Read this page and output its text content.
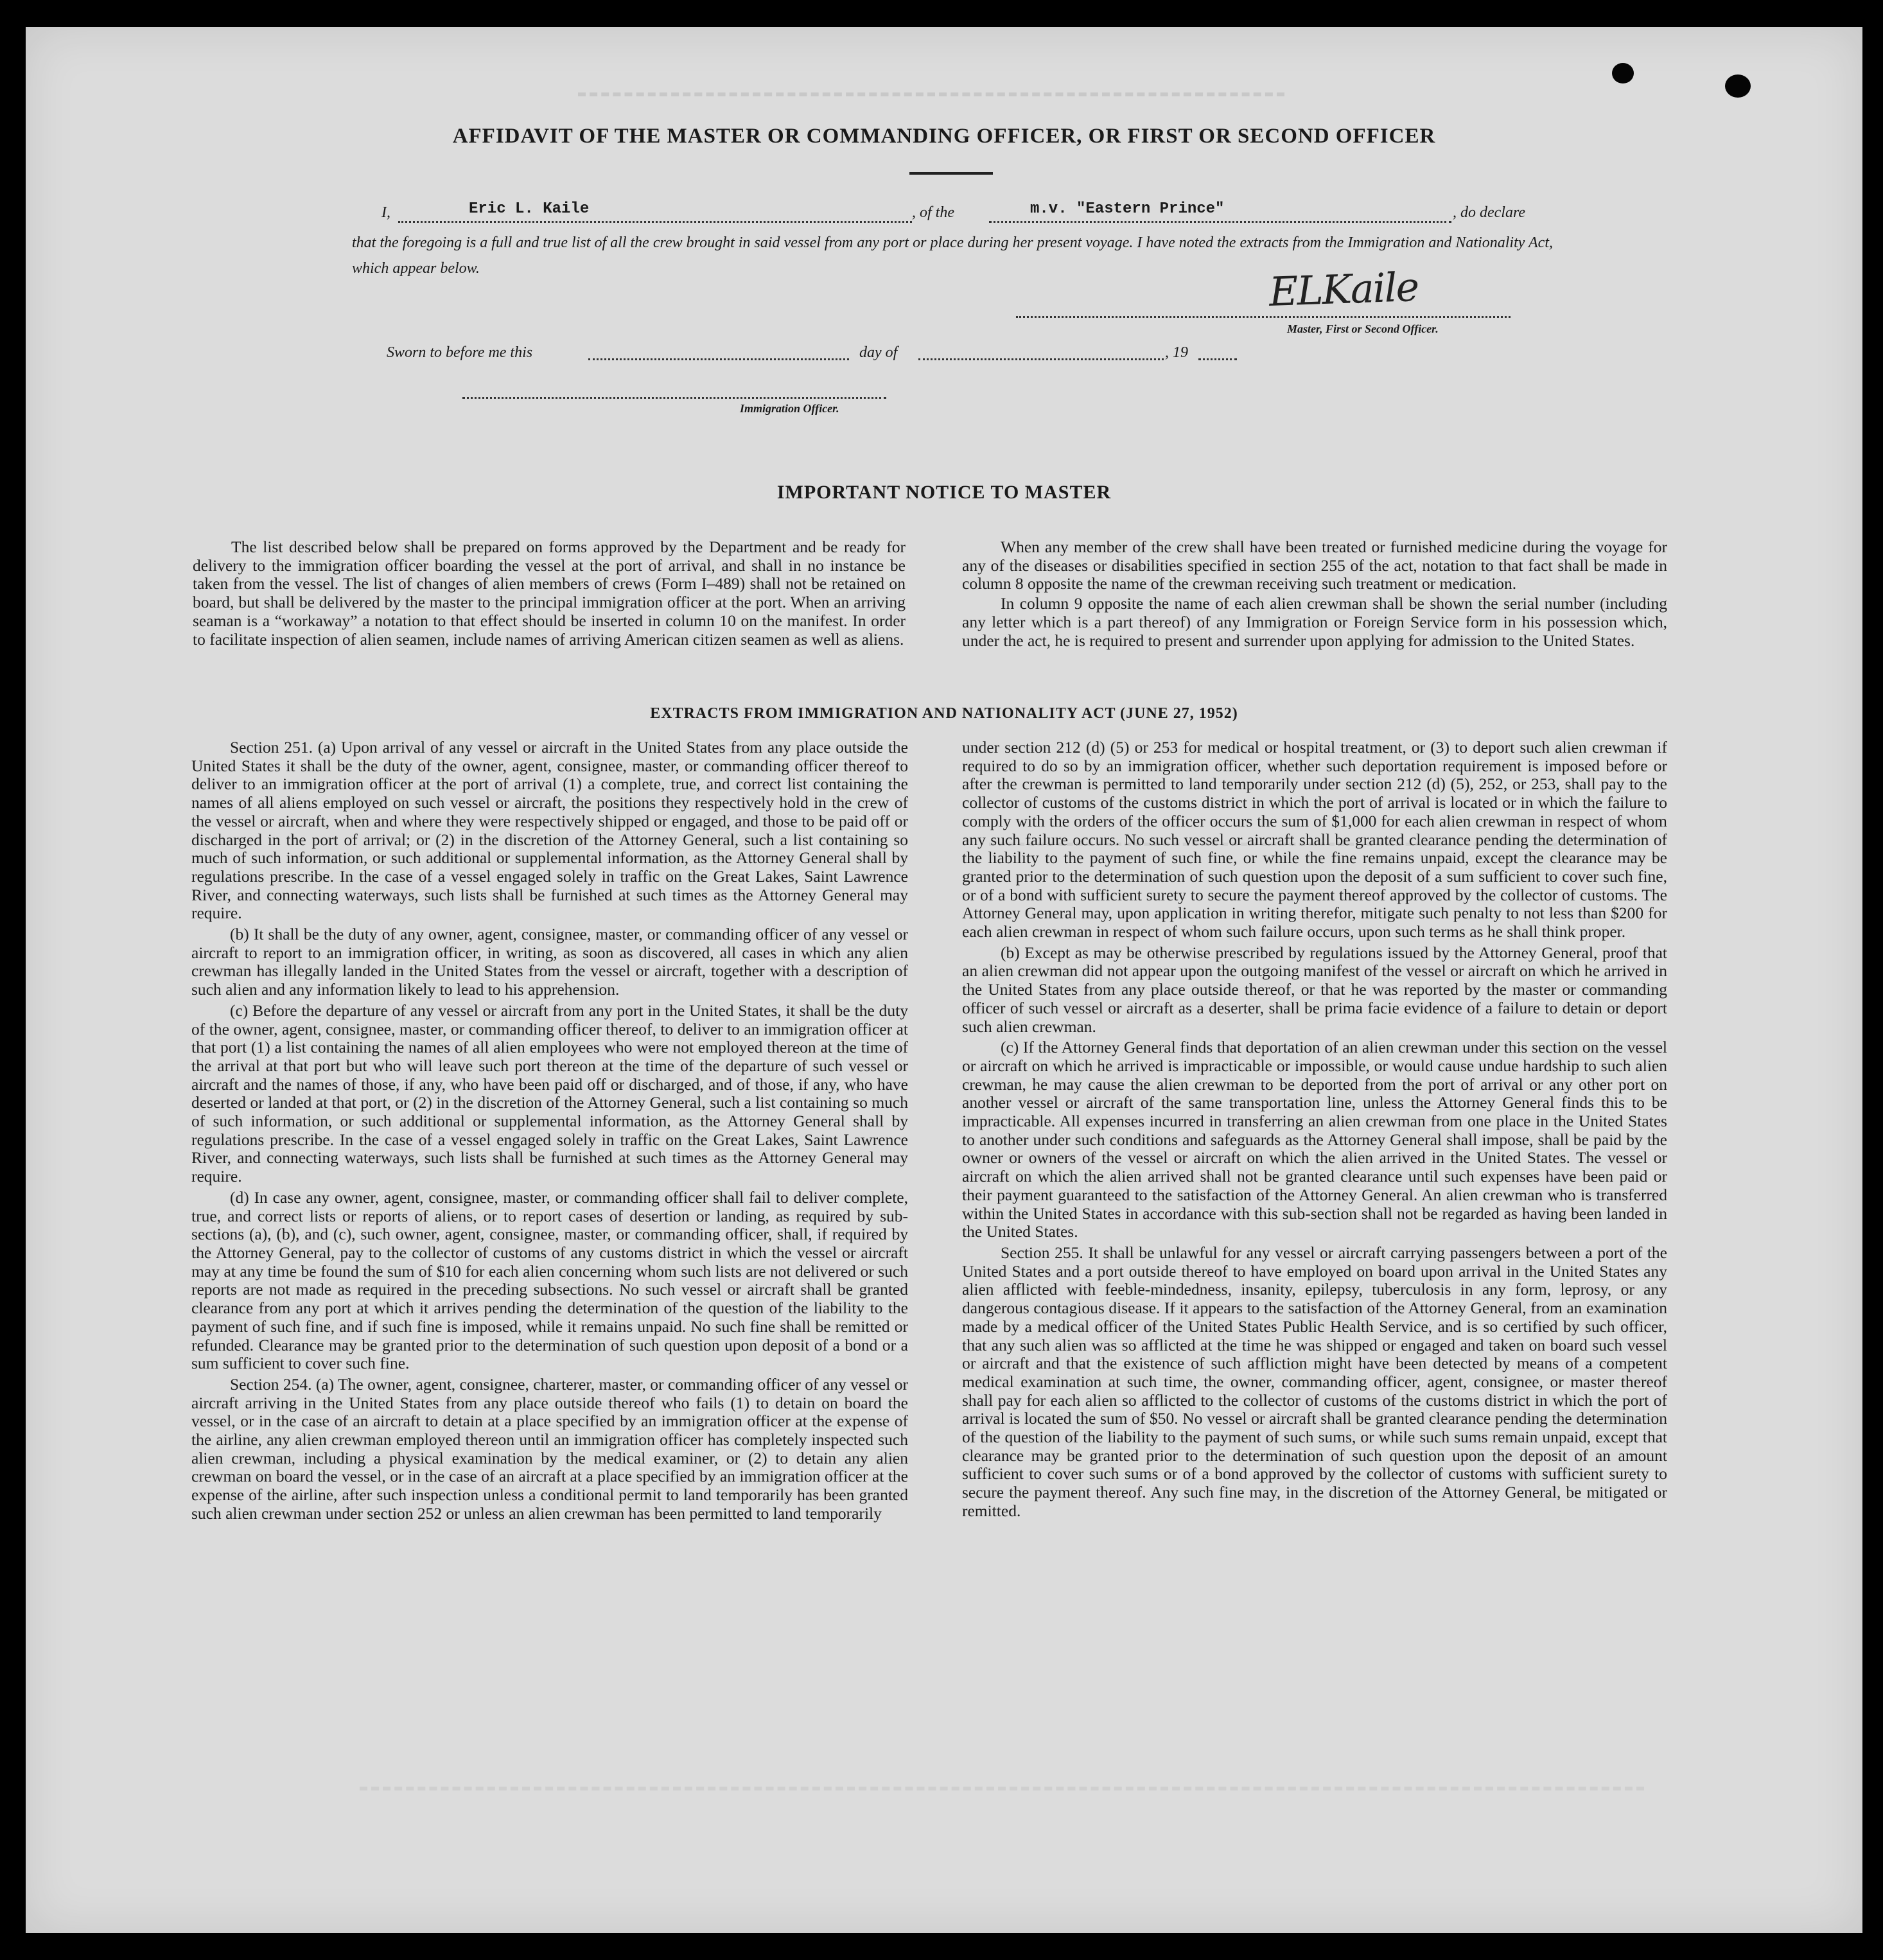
AFFIDAVIT OF THE MASTER OR COMMANDING OFFICER, OR FIRST OR SECOND OFFICER
I,	Eric L. Kaile	, of the	m.v. "Eastern Prince"	, do declare
that the foregoing is a full and true list of all the crew brought in said vessel from any port or place during her present voyage. I have noted the extracts from the Immigration and Nationality Act, which appear below.	ELKaile
Master, First or Second Officer.
Sworn to before me this	day of	, 19
Immigration Officer.
IMPORTANT NOTICE TO MASTER

The list described below shall be prepared on forms approved by the Department and be ready for delivery to the immigration officer boarding the vessel at the port of arrival, and shall in no instance be taken from the vessel. The list of changes of alien members of crews (Form I–489) shall not be retained on board, but shall be delivered by the master to the principal immigration officer at the port. When an arriving seaman is a “workaway” a notation to that effect should be inserted in column 10 on the manifest. In order to facilitate inspection of alien seamen, include names of arriving American citizen seamen as well as aliens.

When any member of the crew shall have been treated or furnished medicine during the voyage for any of the diseases or disabilities specified in section 255 of the act, notation to that fact shall be made in column 8 opposite the name of the crewman receiving such treatment or medication.

In column 9 opposite the name of each alien crewman shall be shown the serial number (including any letter which is a part thereof) of any Immigration or Foreign Service form in his possession which, under the act, he is required to present and surrender upon applying for admission to the United States.

EXTRACTS FROM IMMIGRATION AND NATIONALITY ACT (JUNE 27, 1952)

Section 251. (a) Upon arrival of any vessel or aircraft in the United States from any place outside the United States it shall be the duty of the owner, agent, consignee, master, or commanding officer thereof to deliver to an immigration officer at the port of arrival (1) a complete, true, and correct list containing the names of all aliens employed on such vessel or aircraft, the positions they respectively hold in the crew of the vessel or aircraft, when and where they were respectively shipped or engaged, and those to be paid off or discharged in the port of arrival; or (2) in the discretion of the Attorney General, such a list containing so much of such information, or such additional or supplemental information, as the Attorney General shall by regulations prescribe. In the case of a vessel engaged solely in traffic on the Great Lakes, Saint Lawrence River, and connecting waterways, such lists shall be furnished at such times as the Attorney General may require.

(b) It shall be the duty of any owner, agent, consignee, master, or commanding officer of any vessel or aircraft to report to an immigration officer, in writing, as soon as discovered, all cases in which any alien crewman has illegally landed in the United States from the vessel or aircraft, together with a description of such alien and any information likely to lead to his apprehension.

(c) Before the departure of any vessel or aircraft from any port in the United States, it shall be the duty of the owner, agent, consignee, master, or commanding officer thereof, to deliver to an immigration officer at that port (1) a list containing the names of all alien employees who were not employed thereon at the time of the arrival at that port but who will leave such port thereon at the time of the departure of such vessel or aircraft and the names of those, if any, who have been paid off or discharged, and of those, if any, who have deserted or landed at that port, or (2) in the discretion of the Attorney General, such a list containing so much of such information, or such additional or supplemental information, as the Attorney General shall by regulations prescribe. In the case of a vessel engaged solely in traffic on the Great Lakes, Saint Lawrence River, and connecting waterways, such lists shall be furnished at such times as the Attorney General may require.

(d) In case any owner, agent, consignee, master, or commanding officer shall fail to deliver complete, true, and correct lists or reports of aliens, or to report cases of desertion or landing, as required by sub-sections (a), (b), and (c), such owner, agent, consignee, master, or commanding officer, shall, if required by the Attorney General, pay to the collector of customs of any customs district in which the vessel or aircraft may at any time be found the sum of $10 for each alien concerning whom such lists are not delivered or such reports are not made as required in the preceding subsections. No such vessel or aircraft shall be granted clearance from any port at which it arrives pending the determination of the question of the liability to the payment of such fine, and if such fine is imposed, while it remains unpaid. No such fine shall be remitted or refunded. Clearance may be granted prior to the determination of such question upon deposit of a bond or a sum sufficient to cover such fine.

Section 254. (a) The owner, agent, consignee, charterer, master, or commanding officer of any vessel or aircraft arriving in the United States from any place outside thereof who fails (1) to detain on board the vessel, or in the case of an aircraft to detain at a place specified by an immigration officer at the expense of the airline, any alien crewman employed thereon until an immigration officer has completely inspected such alien crewman, including a physical examination by the medical examiner, or (2) to detain any alien crewman on board the vessel, or in the case of an aircraft at a place specified by an immigration officer at the expense of the airline, after such inspection unless a conditional permit to land temporarily has been granted such alien crewman under section 252 or unless an alien crewman has been permitted to land temporarily

under section 212 (d) (5) or 253 for medical or hospital treatment, or (3) to deport such alien crewman if required to do so by an immigration officer, whether such deportation requirement is imposed before or after the crewman is permitted to land temporarily under section 212 (d) (5), 252, or 253, shall pay to the collector of customs of the customs district in which the port of arrival is located or in which the failure to comply with the orders of the officer occurs the sum of $1,000 for each alien crewman in respect of whom any such failure occurs. No such vessel or aircraft shall be granted clearance pending the determination of the liability to the payment of such fine, or while the fine remains unpaid, except the clearance may be granted prior to the determination of such question upon the deposit of a sum sufficient to cover such fine, or of a bond with sufficient surety to secure the payment thereof approved by the collector of customs. The Attorney General may, upon application in writing therefor, mitigate such penalty to not less than $200 for each alien crewman in respect of whom such failure occurs, upon such terms as he shall think proper.

(b) Except as may be otherwise prescribed by regulations issued by the Attorney General, proof that an alien crewman did not appear upon the outgoing manifest of the vessel or aircraft on which he arrived in the United States from any place outside thereof, or that he was reported by the master or commanding officer of such vessel or aircraft as a deserter, shall be prima facie evidence of a failure to detain or deport such alien crewman.

(c) If the Attorney General finds that deportation of an alien crewman under this section on the vessel or aircraft on which he arrived is impracticable or impossible, or would cause undue hardship to such alien crewman, he may cause the alien crewman to be deported from the port of arrival or any other port on another vessel or aircraft of the same transportation line, unless the Attorney General finds this to be impracticable. All expenses incurred in transferring an alien crewman from one place in the United States to another under such conditions and safeguards as the Attorney General shall impose, shall be paid by the owner or owners of the vessel or aircraft on which the alien arrived in the United States. The vessel or aircraft on which the alien arrived shall not be granted clearance until such expenses have been paid or their payment guaranteed to the satisfaction of the Attorney General. An alien crewman who is transferred within the United States in accordance with this sub-section shall not be regarded as having been landed in the United States.

Section 255. It shall be unlawful for any vessel or aircraft carrying passengers between a port of the United States and a port outside thereof to have employed on board upon arrival in the United States any alien afflicted with feeble-mindedness, insanity, epilepsy, tuberculosis in any form, leprosy, or any dangerous contagious disease. If it appears to the satisfaction of the Attorney General, from an examination made by a medical officer of the United States Public Health Service, and is so certified by such officer, that any such alien was so afflicted at the time he was shipped or engaged and taken on board such vessel or aircraft and that the existence of such affliction might have been detected by means of a competent medical examination at such time, the owner, commanding officer, agent, consignee, or master thereof shall pay for each alien so afflicted to the collector of customs of the customs district in which the port of arrival is located the sum of $50. No vessel or aircraft shall be granted clearance pending the determination of the question of the liability to the payment of such sums, or while such sums remain unpaid, except that clearance may be granted prior to the determination of such question upon the deposit of an amount sufficient to cover such sums or of a bond approved by the collector of customs with sufficient surety to secure the payment thereof. Any such fine may, in the discretion of the Attorney General, be mitigated or remitted.
